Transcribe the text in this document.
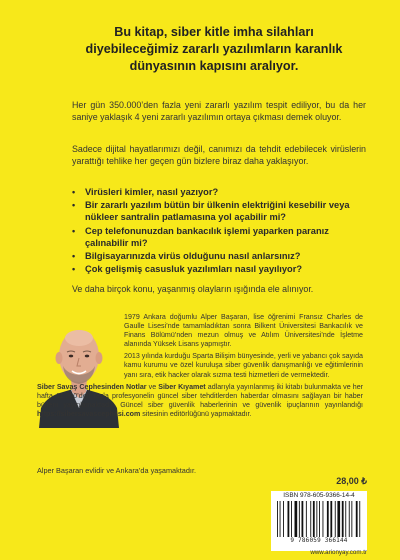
Bu kitap, siber kitle imha silahları diyebileceğimiz zararlı yazılımların karanlık dünyasının kapısını aralıyor.
Her gün 350.000’den fazla yeni zararlı yazılım tespit ediliyor, bu da her saniye yaklaşık 4 yeni zararlı yazılımın ortaya çıkması demek oluyor.
Sadece dijital hayatlarımızı değil, canımızı da tehdit edebilecek virüslerin yarattığı tehlike her geçen gün bizlere biraz daha yaklaşıyor.
• Virüsleri kimler, nasıl yazıyor?
• Bir zararlı yazılım bütün bir ülkenin elektriğini kesebilir veya nükleer santralin patlamasına yol açabilir mi?
• Cep telefonunuzdan bankacılık işlemi yaparken paranız çalınabilir mi?
• Bilgisayarınızda virüs olduğunu nasıl anlarsınız?
• Çok gelişmiş casusluk yazılımları nasıl yayılıyor?
Ve daha birçok konu, yaşanmış olayların ışığında ele alınıyor.

1979 Ankara doğumlu Alper Başaran, lise öğrenimi Fransız Charles de Gaulle Lisesi’nde tamamladıktan sonra Bilkent Üniversitesi Bankacılık ve Finans Bölümü’nden mezun olmuş ve Atılım Üniversitesi’nde İşletme alanında Yüksek Lisans yapmıştır.

2013 yılında kurduğu Sparta Bilişim bünyesinde, yerli ve yabancı çok sayıda kamu kurumu ve özel kuruluşa siber güvenlik danışmanlığı ve eğitimlerinin yanı sıra, etik hacker olarak sızma testi hizmetleri de vermektedir.

Siber Savaş Cephesinden Notlar ve Siber Kıyamet adlarıyla yayınlanmış iki kitabı bulunmakta ve her hafta 11.000’den fazla profesyonelin güncel siber tehditlerden haberdar olmasını sağlayan bir haber bülteni yayınlamaktadır. Güncel siber güvenlik haberlerinin ve güvenlik ipuçlarının yayınlandığı https://sibersavascephesi.com sitesinin editörlüğünü yapmaktadır.

Alper Başaran evlidir ve Ankara’da yaşamaktadır.
28,00 ₺
ISBN 978-605-9366-14-4
9 786059 366144
www.arionyay.com.tr
